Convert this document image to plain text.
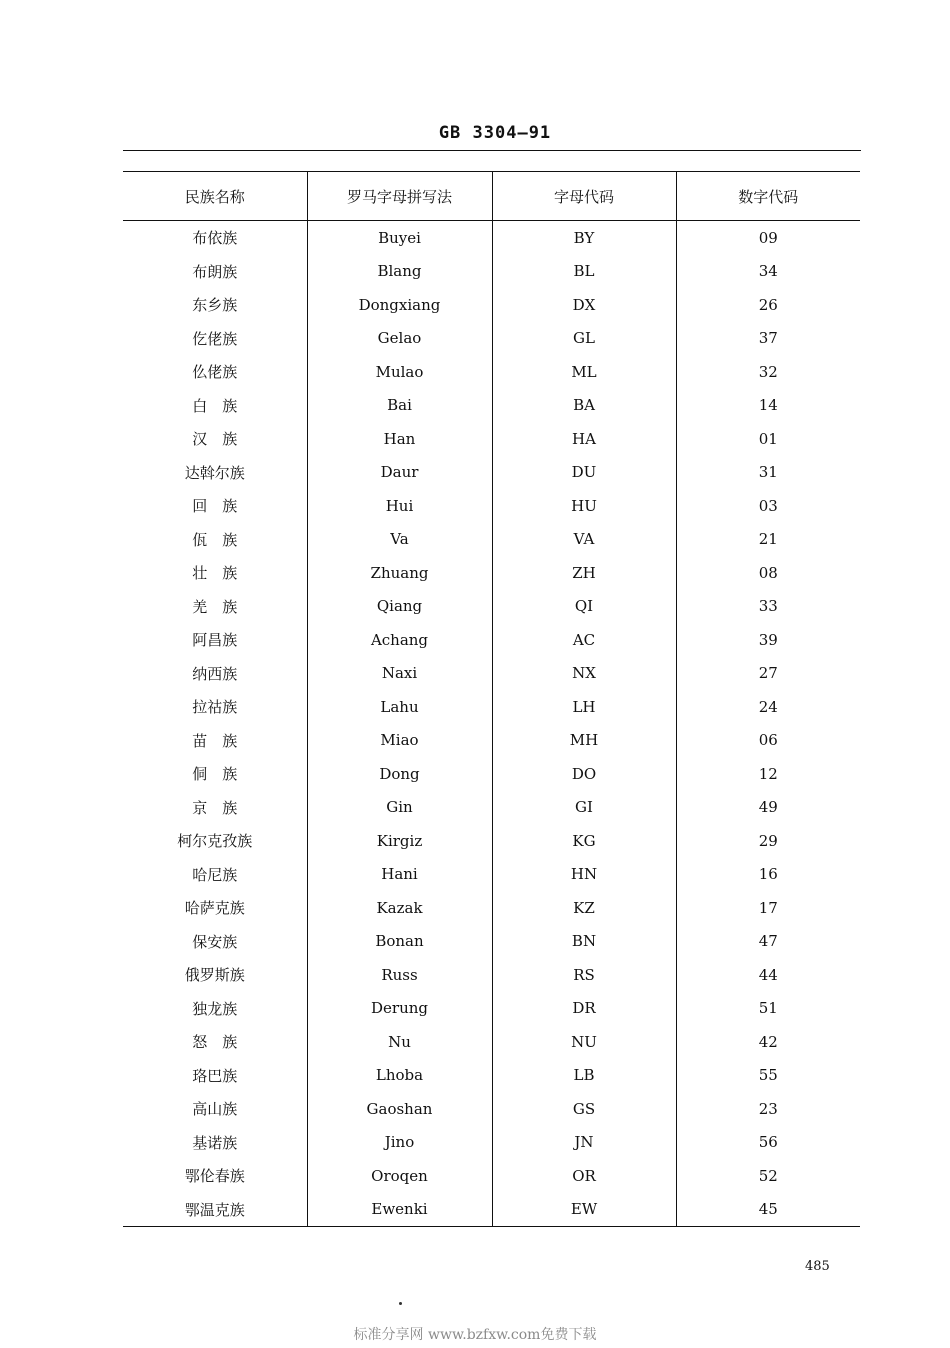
GB 3304—91
民族名称	罗马字母拼写法	字母代码	数字代码
布依族	Buyei	BY	09
布朗族	Blang	BL	34
东乡族	Dongxiang	DX	26
仡佬族	Gelao	GL	37
仫佬族	Mulao	ML	32
白　族	Bai	BA	14
汉　族	Han	HA	01
达斡尔族	Daur	DU	31
回　族	Hui	HU	03
佤　族	Va	VA	21
壮　族	Zhuang	ZH	08
羌　族	Qiang	QI	33
阿昌族	Achang	AC	39
纳西族	Naxi	NX	27
拉祜族	Lahu	LH	24
苗　族	Miao	MH	06
侗　族	Dong	DO	12
京　族	Gin	GI	49
柯尔克孜族	Kirgiz	KG	29
哈尼族	Hani	HN	16
哈萨克族	Kazak	KZ	17
保安族	Bonan	BN	47
俄罗斯族	Russ	RS	44
独龙族	Derung	DR	51
怒　族	Nu	NU	42
珞巴族	Lhoba	LB	55
高山族	Gaoshan	GS	23
基诺族	Jino	JN	56
鄂伦春族	Oroqen	OR	52
鄂温克族	Ewenki	EW	45
485
标准分享网 www.bzfxw.com免费下载
